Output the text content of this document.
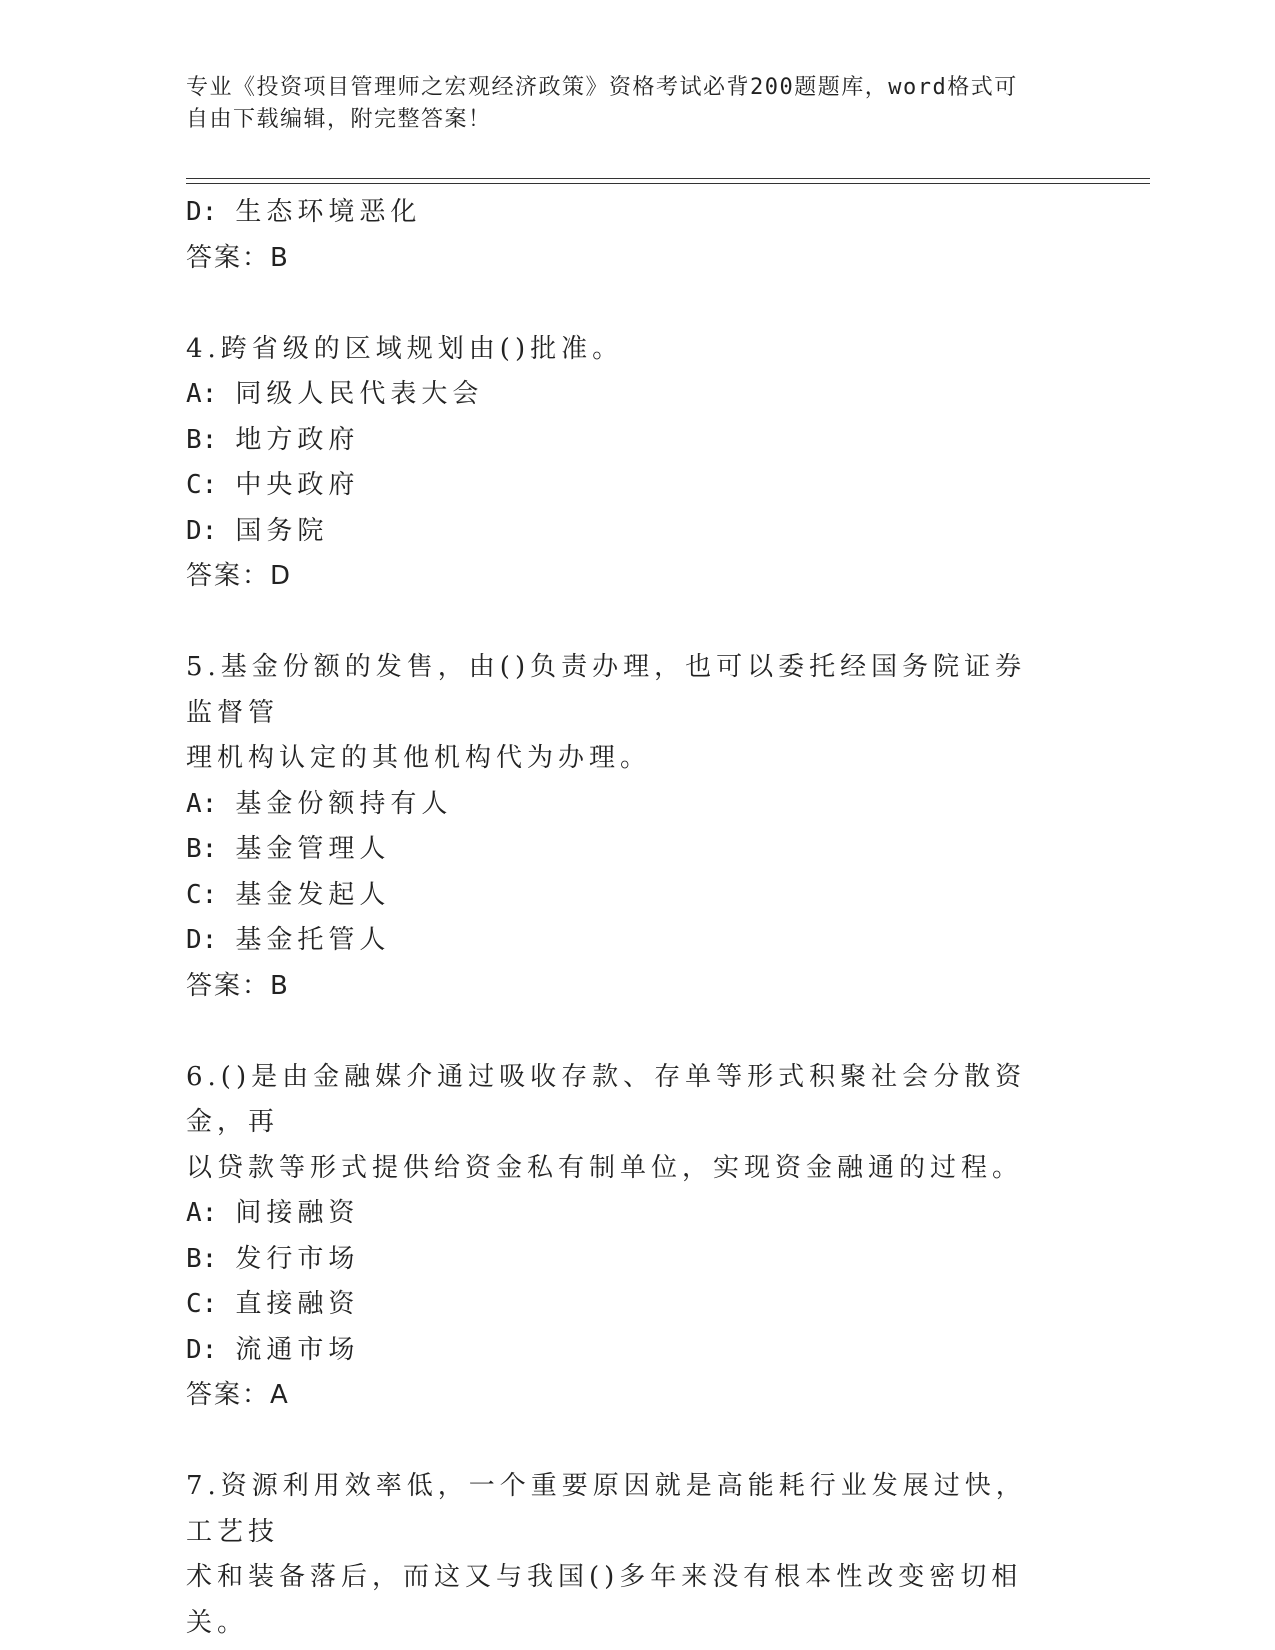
专业《投资项目管理师之宏观经济政策》资格考试必背200题题库，word格式可
自由下载编辑，附完整答案！
D: 生态环境恶化
答案：B
4.跨省级的区域规划由()批准。
A: 同级人民代表大会
B: 地方政府
C: 中央政府
D: 国务院
答案：D
5.基金份额的发售，由()负责办理，也可以委托经国务院证券监督管
理机构认定的其他机构代为办理。
A: 基金份额持有人
B: 基金管理人
C: 基金发起人
D: 基金托管人
答案：B
6.()是由金融媒介通过吸收存款、存单等形式积聚社会分散资金，再
以贷款等形式提供给资金私有制单位，实现资金融通的过程。
A: 间接融资
B: 发行市场
C: 直接融资
D: 流通市场
答案：A
7.资源利用效率低，一个重要原因就是高能耗行业发展过快，工艺技
术和装备落后，而这又与我国()多年来没有根本性改变密切相关。
